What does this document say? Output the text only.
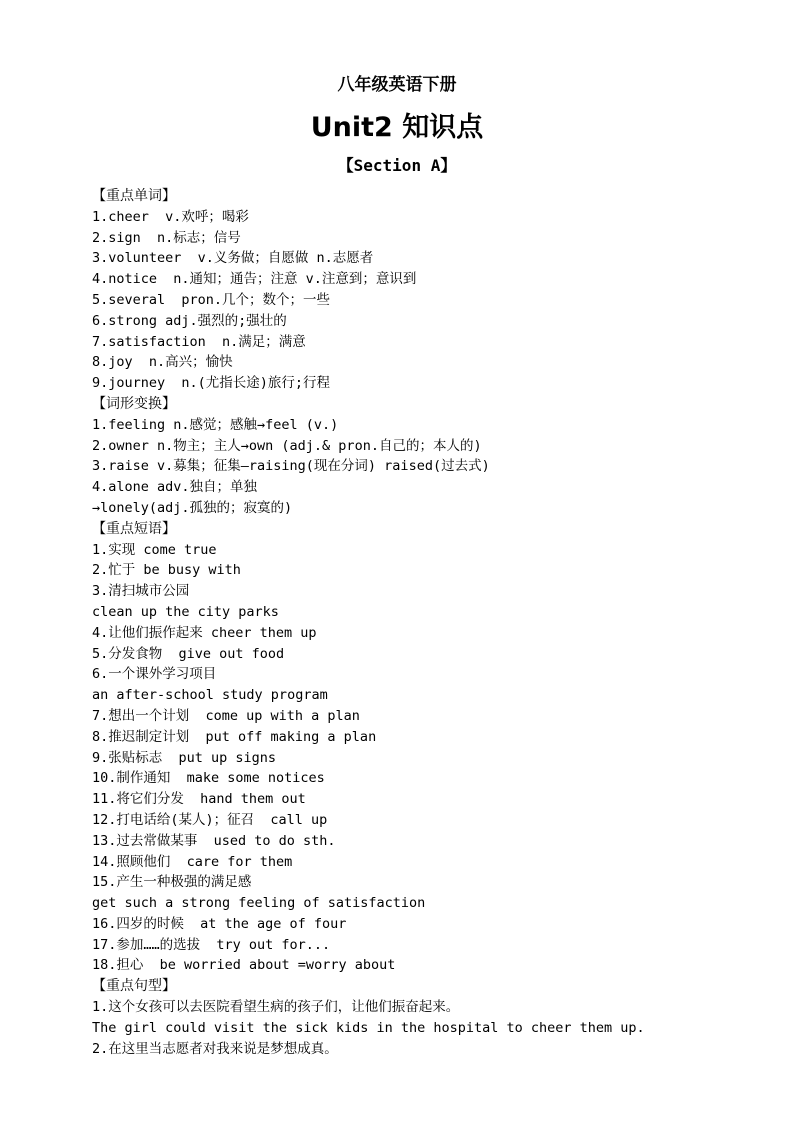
八年级英语下册
Unit2 知识点
【Section A】
【重点单词】
1.cheer  v.欢呼；喝彩
2.sign  n.标志；信号
3.volunteer  v.义务做；自愿做 n.志愿者
4.notice  n.通知；通告；注意 v.注意到；意识到
5.several  pron.几个；数个；一些
6.strong adj.强烈的;强壮的
7.satisfaction  n.满足；满意
8.joy  n.高兴；愉快
9.journey  n.(尤指长途)旅行;行程
【词形变换】
1.feeling n.感觉；感触→feel (v.)
2.owner n.物主；主人→own (adj.& pron.自己的；本人的)
3.raise v.募集；征集—raising(现在分词) raised(过去式)
4.alone adv.独自；单独
→lonely(adj.孤独的；寂寞的)
【重点短语】
1.实现 come true
2.忙于 be busy with
3.清扫城市公园
clean up the city parks
4.让他们振作起来 cheer them up
5.分发食物  give out food
6.一个课外学习项目
an after-school study program
7.想出一个计划  come up with a plan
8.推迟制定计划  put off making a plan
9.张贴标志  put up signs
10.制作通知  make some notices
11.将它们分发  hand them out
12.打电话给(某人)；征召  call up
13.过去常做某事  used to do sth.
14.照顾他们  care for them
15.产生一种极强的满足感
get such a strong feeling of satisfaction
16.四岁的时候  at the age of four
17.参加……的选拔  try out for...
18.担心  be worried about =worry about
【重点句型】
1.这个女孩可以去医院看望生病的孩子们，让他们振奋起来。
The girl could visit the sick kids in the hospital to cheer them up.
2.在这里当志愿者对我来说是梦想成真。
